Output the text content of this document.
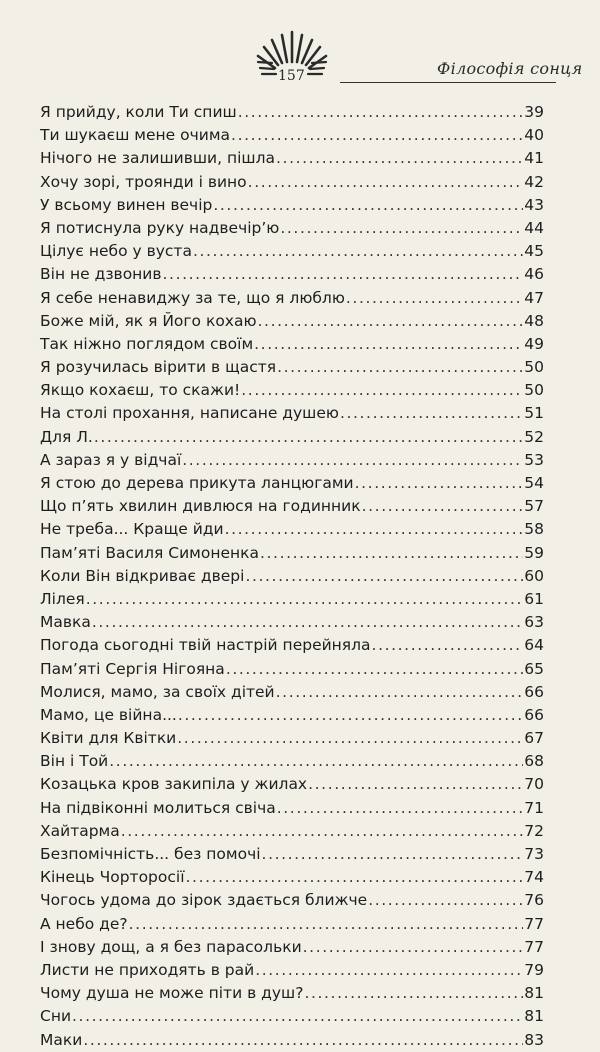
157	Філософія сонця
Я прийду, коли Ти спиш .....	39
Ти шукаєш мене очима .....	40
Нічого не залишивши, пішла .....	41
Хочу зорі, троянди і вино .....	42
У всьому винен вечір .....	43
Я потиснула руку надвечір’ю .....	44
Цілує небо у вуста .....	45
Він не дзвонив .....	46
Я себе ненавиджу за те, що я люблю .....	47
Боже мій, як я Його кохаю .....	48
Так ніжно поглядом своїм .....	49
Я розучилась вірити в щастя .....	50
Якщо кохаєш, то скажи! .....	50
На столі прохання, написане душею .....	51
Для Л. .....	52
А зараз я у відчаї .....	53
Я стою до дерева прикута ланцюгами .....	54
Що п’ять хвилин дивлюся на годинник .....	57
Не треба... Краще йди .....	58
Пам’яті Василя Симоненка .....	59
Коли Він відкриває двері .....	60
Лілея .....	61
Мавка .....	63
Погода сьогодні твій настрій перейняла .....	64
Пам’яті Сергія Нігояна .....	65
Молися, мамо, за своїх дітей .....	66
Мамо, це війна... .....	66
Квіти для Квітки .....	67
Він і Той .....	68
Козацька кров закипіла у жилах .....	70
На підвіконні молиться свіча .....	71
Хайтарма .....	72
Безпомічність... без помочі .....	73
Кінець Чорторосії .....	74
Чогось удома до зірок здається ближче .....	76
А небо де? .....	77
І знову дощ, а я без парасольки .....	77
Листи не приходять в рай .....	79
Чому душа не може піти в душ? .....	81
Сни .....	81
Маки .....	83
